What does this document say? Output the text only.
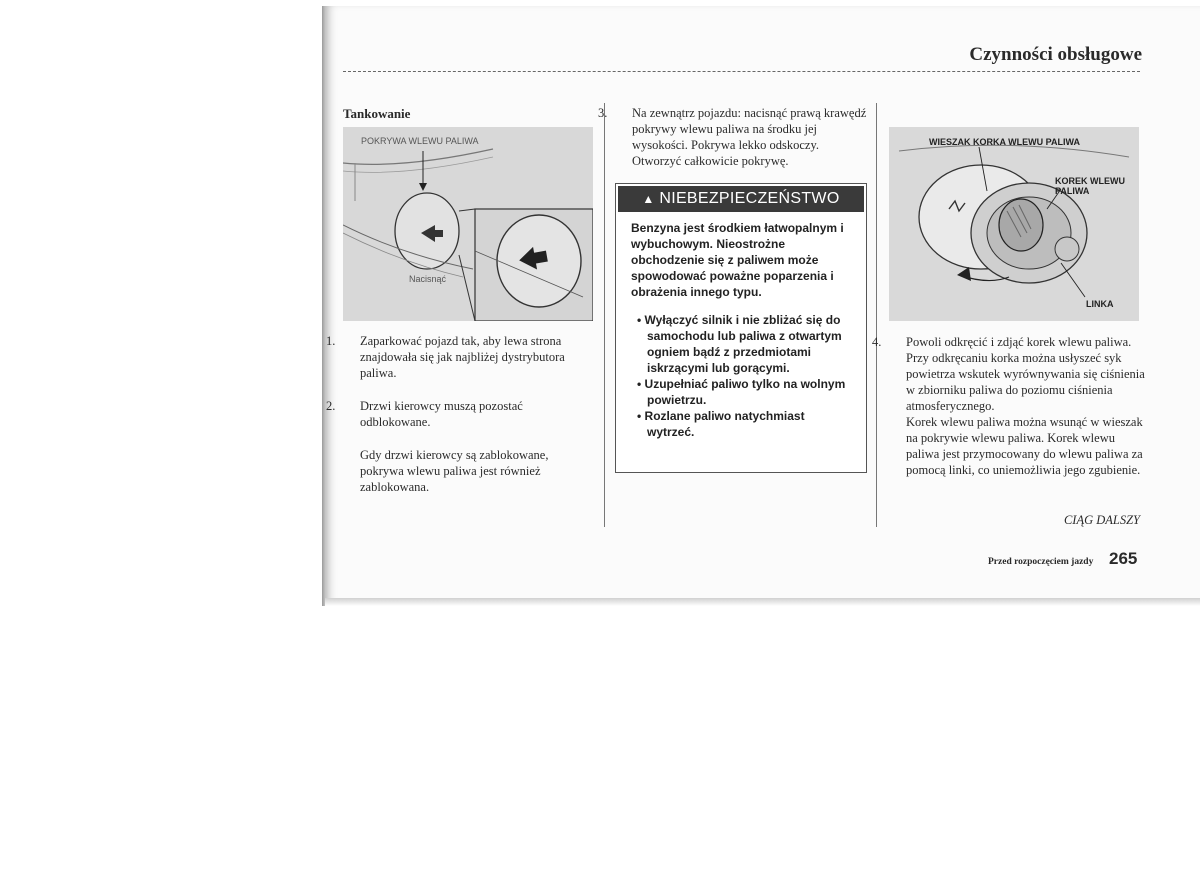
Czynności obsługowe
Tankowanie
POKRYWA WLEWU PALIWA
Nacisnąć
1. Zaparkować pojazd tak, aby lewa strona znajdowała się jak najbliżej dystrybutora paliwa.
2. Drzwi kierowcy muszą pozostać odblokowane.
Gdy drzwi kierowcy są zablokowane, pokrywa wlewu paliwa jest również zablokowana.
3. Na zewnątrz pojazdu: nacisnąć prawą krawędź pokrywy wlewu paliwa na środku jej wysokości. Pokrywa lekko odskoczy. Otworzyć całkowicie pokrywę.
▲ NIEBEZPIECZEŃSTWO

Benzyna jest środkiem łatwopalnym i wybuchowym. Nieostrożne obchodzenie się z paliwem może spowodować poważne poparzenia i obrażenia innego typu.

• Wyłączyć silnik i nie zbliżać się do samochodu lub paliwa z otwartym ogniem bądź z przedmiotami iskrzącymi lub gorącymi.
• Uzupełniać paliwo tylko na wolnym powietrzu.
• Rozlane paliwo natychmiast wytrzeć.
WIESZAK KORKA WLEWU PALIWA
KOREK WLEWU
PALIWA
LINKA
4. Powoli odkręcić i zdjąć korek wlewu paliwa. Przy odkręcaniu korka można usłyszeć syk powietrza wskutek wyrównywania się ciśnienia w zbiorniku paliwa do poziomu ciśnienia atmosferycznego.
Korek wlewu paliwa można wsunąć w wieszak na pokrywie wlewu paliwa. Korek wlewu paliwa jest przymocowany do wlewu paliwa za pomocą linki, co uniemożliwia jego zgubienie.
CIĄG DALSZY
Przed rozpoczęciem jazdy 265
